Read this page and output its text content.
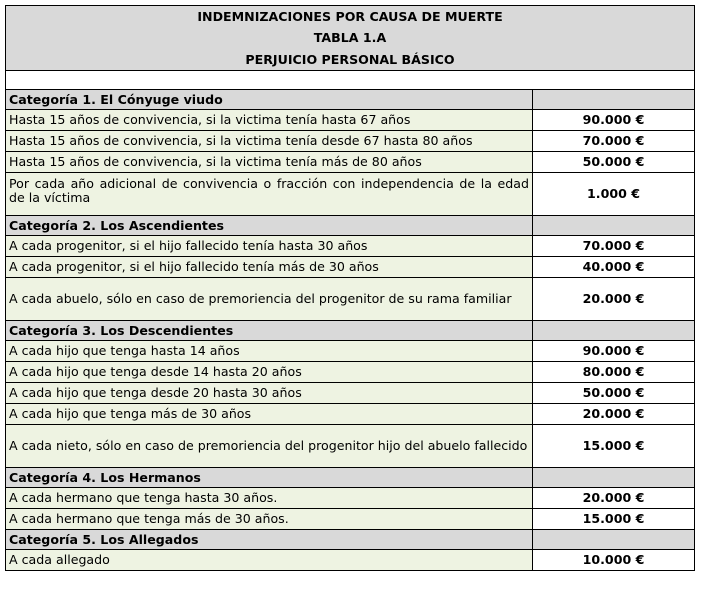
INDEMNIZACIONES POR CAUSA DE MUERTE
TABLA 1.A
PERJUICIO PERSONAL BÁSICO	

Categoría 1. El Cónyuge viudo	
Hasta 15 años de convivencia, si la victima tenía hasta 67 años	90.000 €
Hasta 15 años de convivencia, si la victima tenía desde 67 hasta 80 años	70.000 €
Hasta 15 años de convivencia, si la victima tenía más de 80 años	50.000 €

Por cada año adicional de convivencia o fracción con independencia de la edad de la víctima	1.000 €
Categoría 2. Los Ascendientes	
A cada progenitor, si el hijo fallecido tenía hasta 30 años	70.000 €
A cada progenitor, si el hijo fallecido tenía más de 30 años	40.000 €
A cada abuelo, sólo en caso de premoriencia del progenitor de su rama familiar	20.000 €
Categoría 3. Los Descendientes	
A cada hijo que tenga hasta 14 años	90.000 €
A cada hijo que tenga desde 14 hasta 20 años	80.000 €
A cada hijo que tenga desde 20 hasta 30 años	50.000 €
A cada hijo que tenga más de 30 años	20.000 €
A cada nieto, sólo en caso de premoriencia del progenitor hijo del abuelo fallecido	15.000 €
Categoría 4. Los Hermanos	
A cada hermano que tenga hasta 30 años.	20.000 €
A cada hermano que tenga más de 30 años.	15.000 €
Categoría 5. Los Allegados	
A cada allegado	10.000 €
